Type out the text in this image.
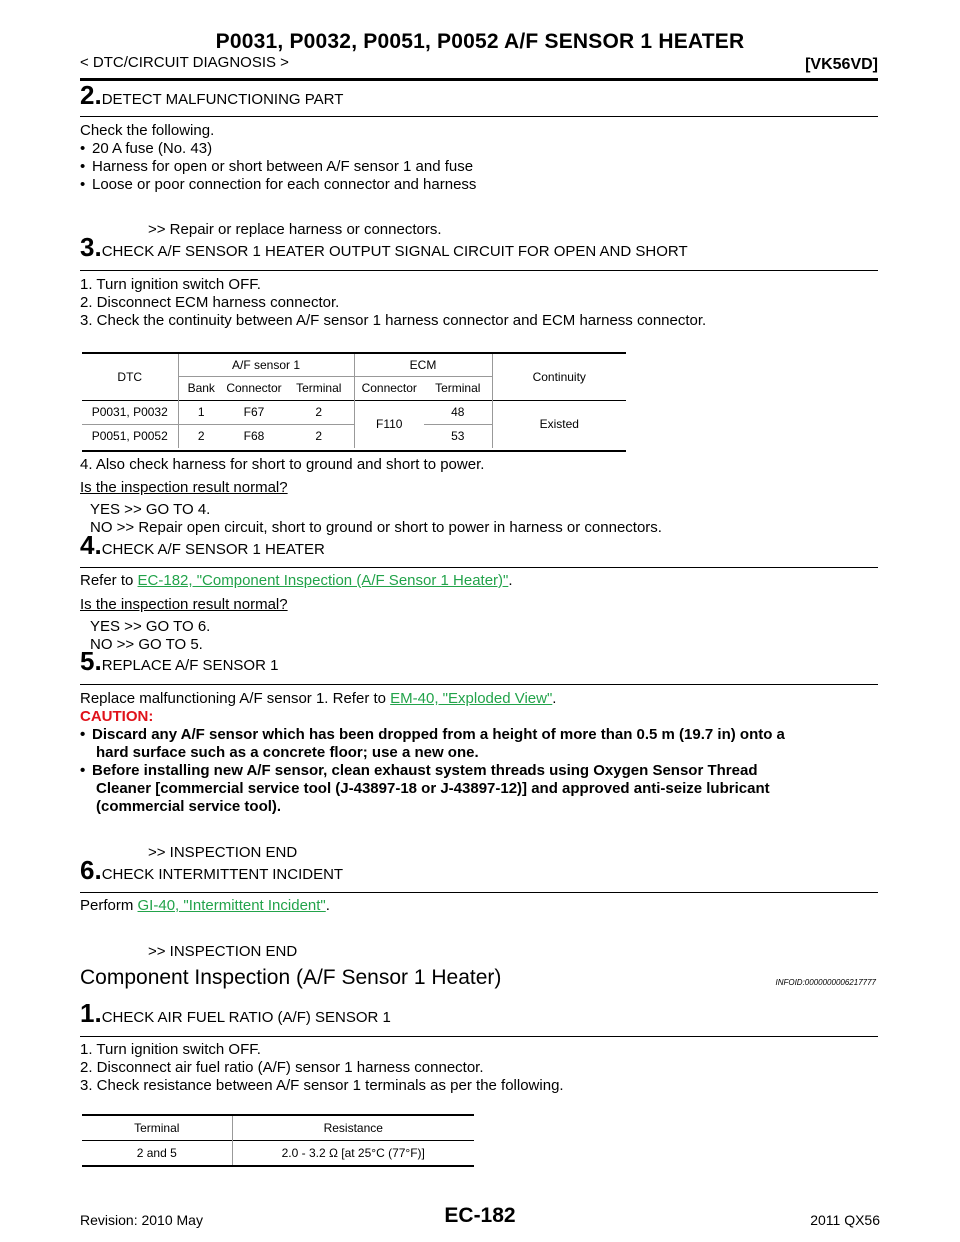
P0031, P0032, P0051, P0052 A/F SENSOR 1 HEATER
< DTC/CIRCUIT DIAGNOSIS >	[VK56VD]
2.DETECT MALFUNCTIONING PART
Check the following.
• 20 A fuse (No. 43)
• Harness for open or short between A/F sensor 1 and fuse
• Loose or poor connection for each connector and harness
>> Repair or replace harness or connectors.
3.CHECK A/F SENSOR 1 HEATER OUTPUT SIGNAL CIRCUIT FOR OPEN AND SHORT
1. Turn ignition switch OFF.
2. Disconnect ECM harness connector.
3. Check the continuity between A/F sensor 1 harness connector and ECM harness connector.
DTC	A/F sensor 1			ECM		Continuity
	Bank	Connector	Terminal	Connector	Terminal	
P0031, P0032	1	F67	2	F110	48	Existed
P0051, P0052	2	F68	2		53	
4. Also check harness for short to ground and short to power.
Is the inspection result normal?
YES >> GO TO 4.
NO >> Repair open circuit, short to ground or short to power in harness or connectors.
4.CHECK A/F SENSOR 1 HEATER
Refer to EC-182, "Component Inspection (A/F Sensor 1 Heater)".
Is the inspection result normal?
YES >> GO TO 6.
NO >> GO TO 5.
5.REPLACE A/F SENSOR 1
Replace malfunctioning A/F sensor 1. Refer to EM-40, "Exploded View".
CAUTION:
• Discard any A/F sensor which has been dropped from a height of more than 0.5 m (19.7 in) onto a
hard surface such as a concrete floor; use a new one.
• Before installing new A/F sensor, clean exhaust system threads using Oxygen Sensor Thread
Cleaner [commercial service tool (J-43897-18 or J-43897-12)] and approved anti-seize lubricant
(commercial service tool).
>> INSPECTION END
6.CHECK INTERMITTENT INCIDENT
Perform GI-40, "Intermittent Incident".
>> INSPECTION END
Component Inspection (A/F Sensor 1 Heater)	INFOID:0000000006217777
1.CHECK AIR FUEL RATIO (A/F) SENSOR 1
1. Turn ignition switch OFF.
2. Disconnect air fuel ratio (A/F) sensor 1 harness connector.
3. Check resistance between A/F sensor 1 terminals as per the following.
Terminal	Resistance
2 and 5	2.0 - 3.2 Ω [at 25°C (77°F)]
Revision: 2010 May	EC-182	2011 QX56
